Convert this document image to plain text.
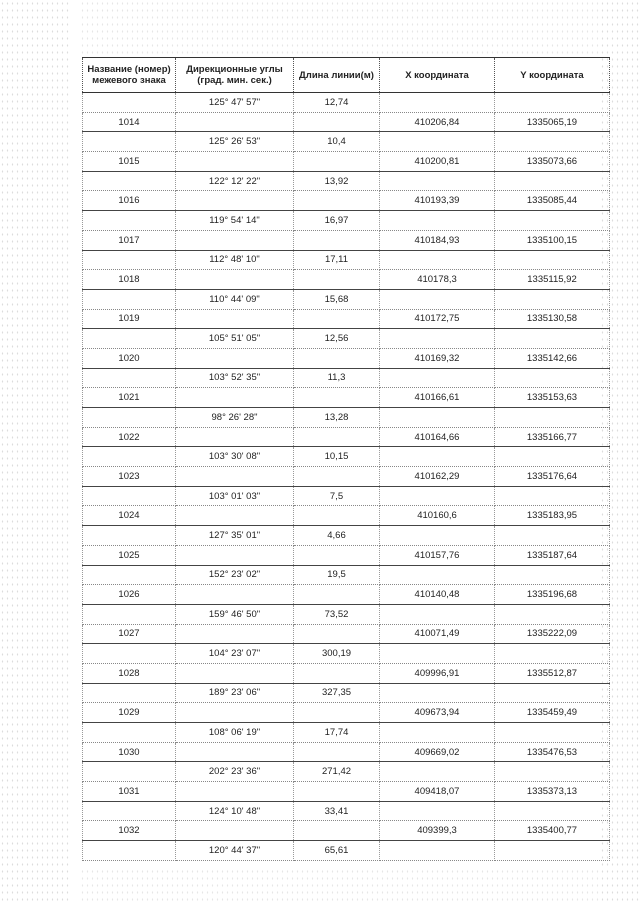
Название (номер) межевого знака	Дирекционные углы (град. мин. сек.)	Длина линии(м)	X координата	Y координата
	125° 47' 57"	12,74		
1014			410206,84	1335065,19
	125° 26' 53"	10,4		
1015			410200,81	1335073,66
	122° 12' 22"	13,92		
1016			410193,39	1335085,44
	119° 54' 14"	16,97		
1017			410184,93	1335100,15
	112° 48' 10"	17,11		
1018			410178,3	1335115,92
	110° 44' 09"	15,68		
1019			410172,75	1335130,58
	105° 51' 05"	12,56		
1020			410169,32	1335142,66
	103° 52' 35"	11,3		
1021			410166,61	1335153,63
	98° 26' 28"	13,28		
1022			410164,66	1335166,77
	103° 30' 08"	10,15		
1023			410162,29	1335176,64
	103° 01' 03"	7,5		
1024			410160,6	1335183,95
	127° 35' 01"	4,66		
1025			410157,76	1335187,64
	152° 23' 02"	19,5		
1026			410140,48	1335196,68
	159° 46' 50"	73,52		
1027			410071,49	1335222,09
	104° 23' 07"	300,19		
1028			409996,91	1335512,87
	189° 23' 06"	327,35		
1029			409673,94	1335459,49
	108° 06' 19"	17,74		
1030			409669,02	1335476,53
	202° 23' 36"	271,42		
1031			409418,07	1335373,13
	124° 10' 48"	33,41		
1032			409399,3	1335400,77
	120° 44' 37"	65,61		
